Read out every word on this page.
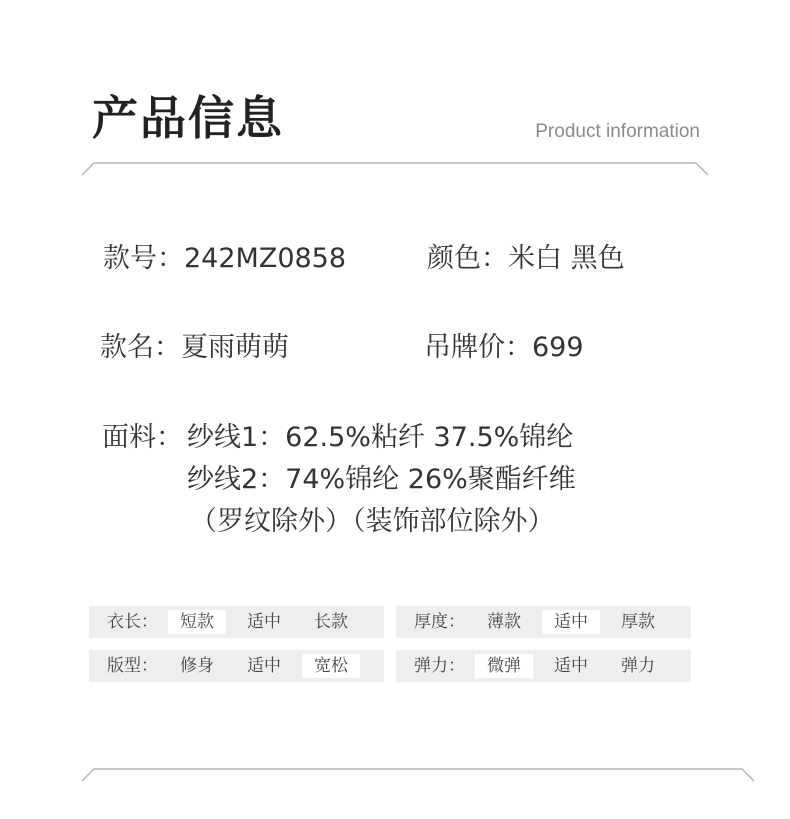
产品信息	Product information
款号：242MZ0858	颜色：米白 黑色
款名：夏雨萌萌	吊牌价：699
面料： 纱线1：62.5%粘纤 37.5%锦纶
纱线2：74%锦纶 26%聚酯纤维
（罗纹除外）（装饰部位除外）
衣长：	短款	适中	长款	厚度：	薄款	适中	厚款
版型：	修身	适中	宽松	弹力：	微弹	适中	弹力
